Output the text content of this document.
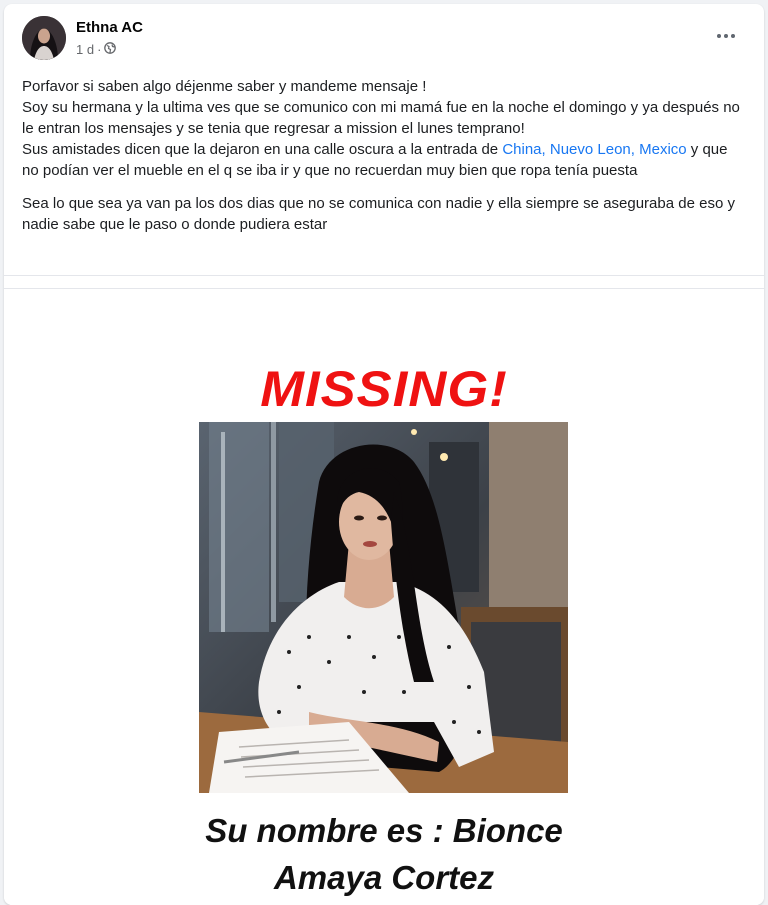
Ethna AC
1 d ·

Porfavor si saben algo déjenme saber y mandeme mensaje !

Soy su hermana y la ultima ves que se comunico con mi mamá fue en la noche el domingo y ya después no le entran los mensajes y se tenia que regresar a mission el lunes temprano!

Sus amistades dicen que la dejaron en una calle oscura a la entrada de China, Nuevo Leon, Mexico y que no podían ver el mueble en el q se iba ir y que no recuerdan muy bien que ropa tenía puesta

Sea lo que sea ya van pa los dos dias que no se comunica con nadie y ella siempre se aseguraba de eso y nadie sabe que le paso o donde pudiera estar

MISSING!
Su nombre es : Bionce
Amaya Cortez
